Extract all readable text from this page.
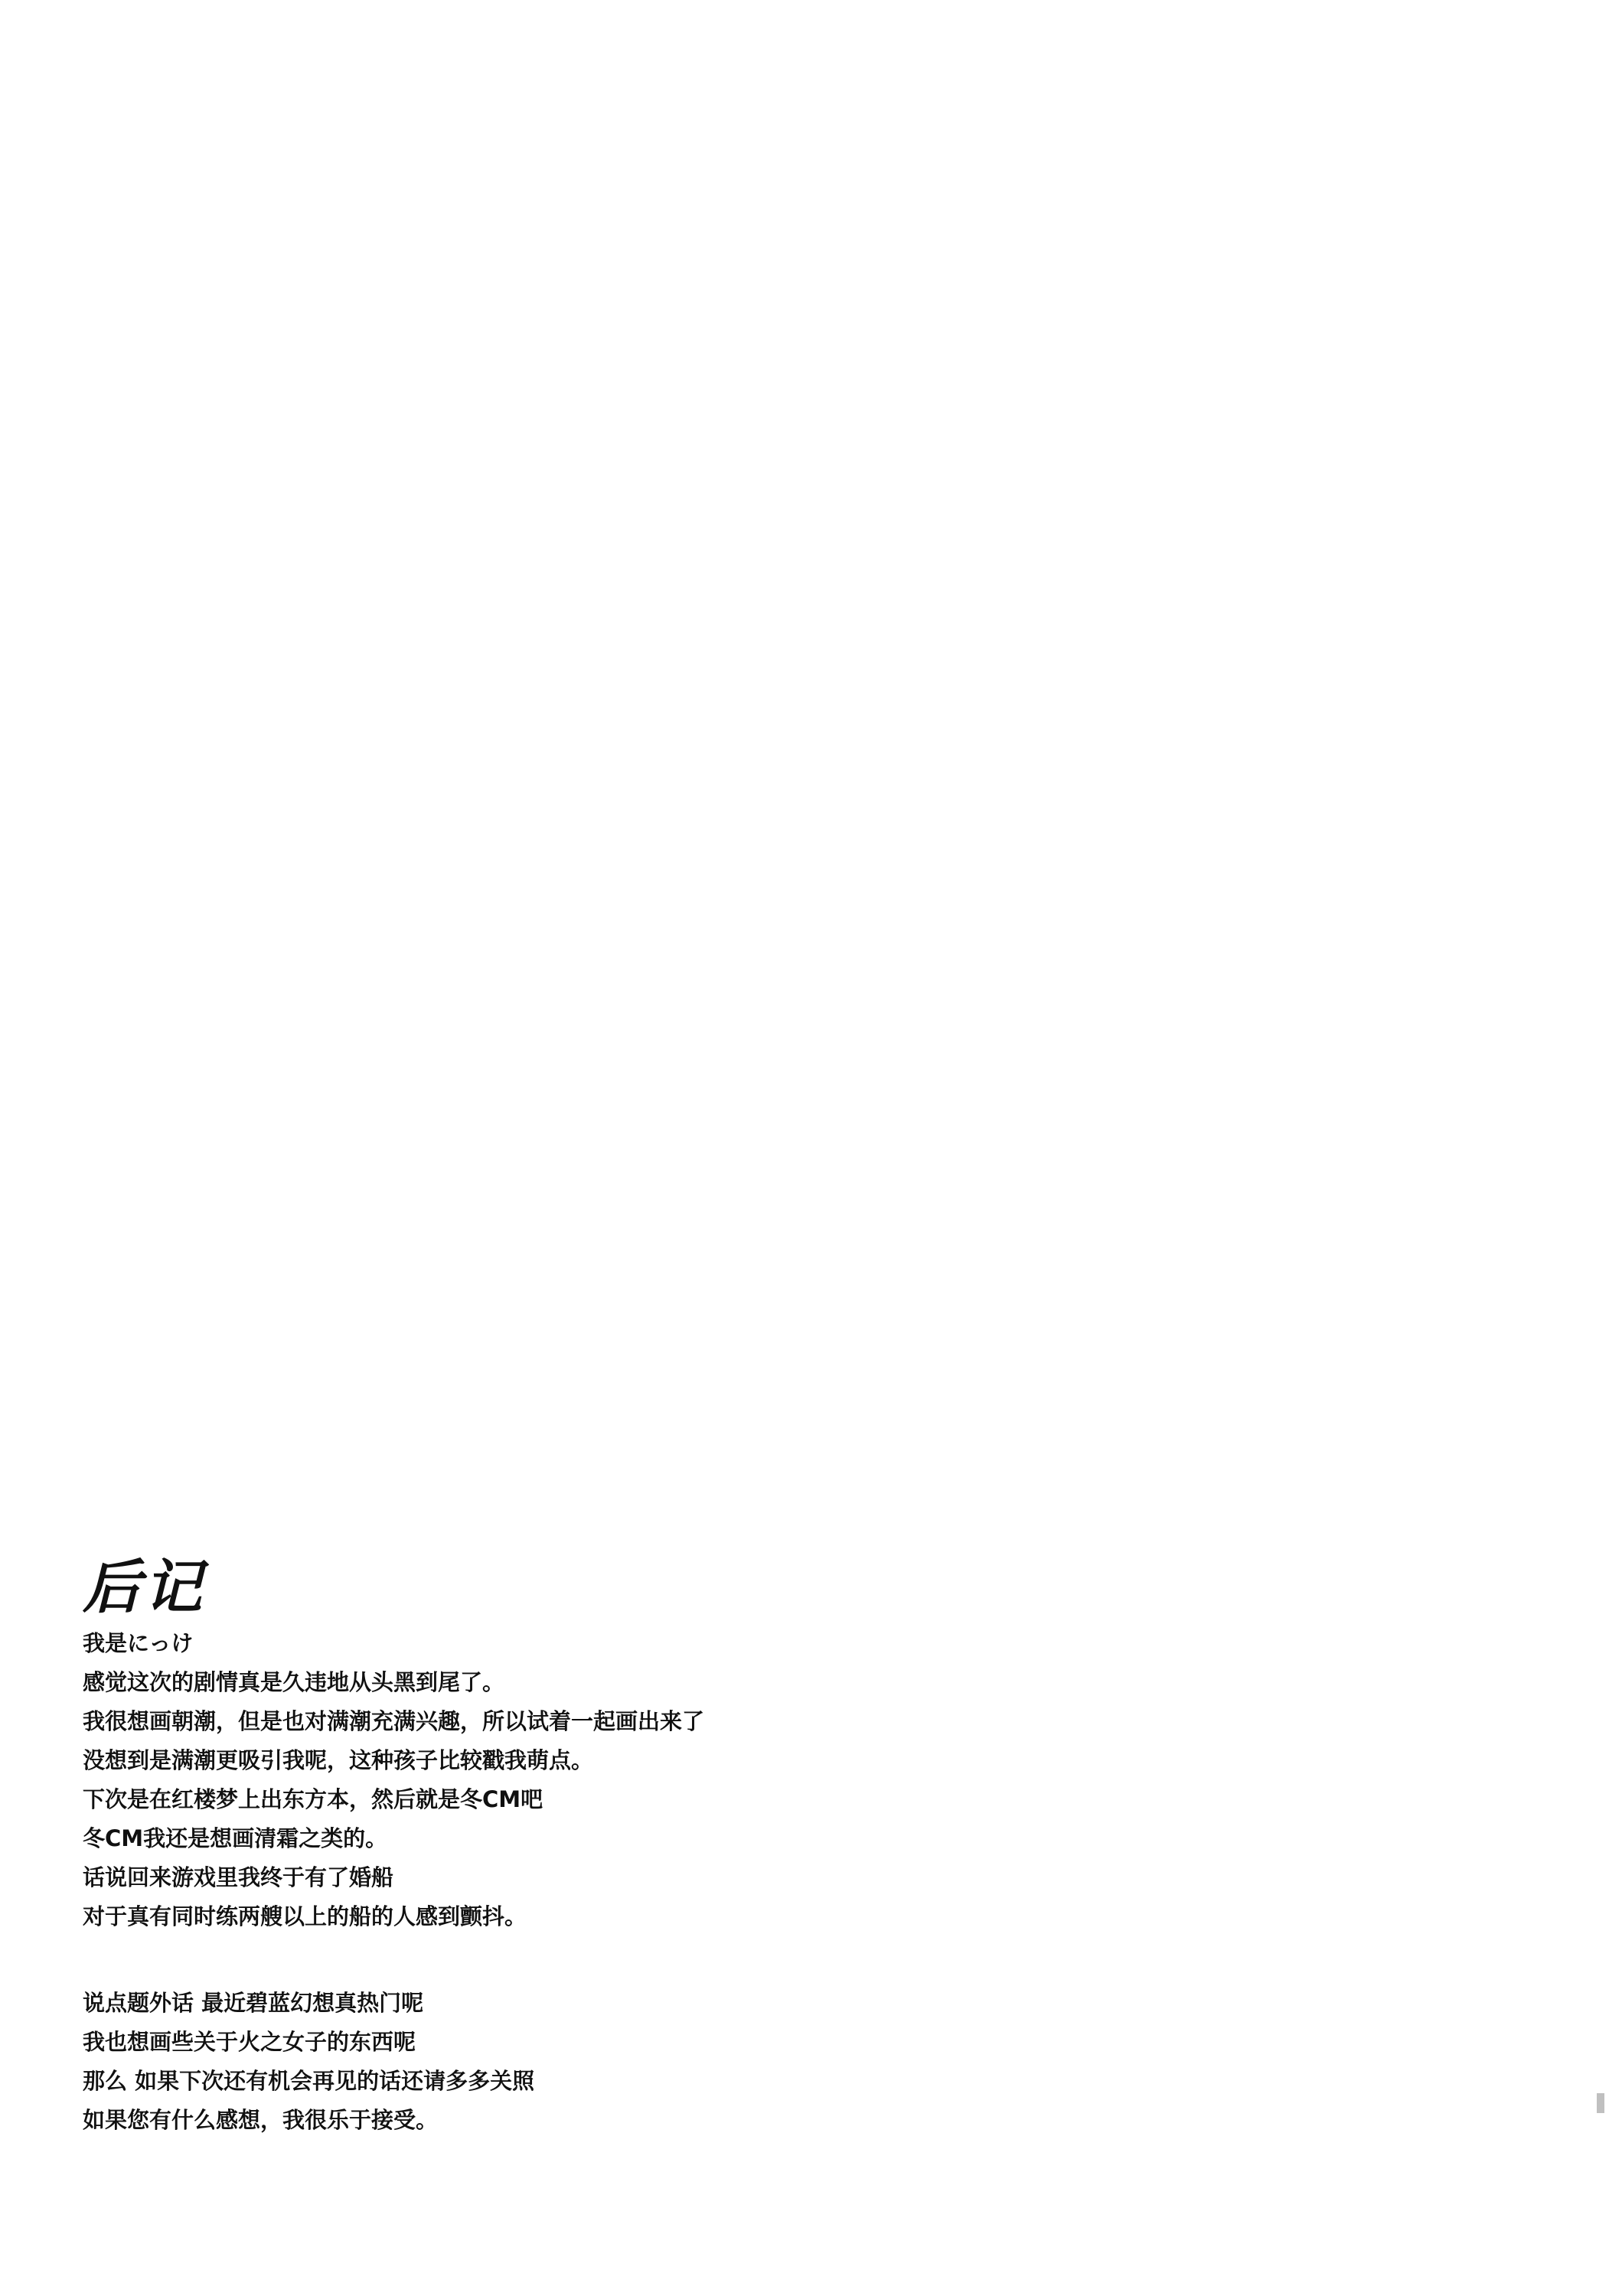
后记

我是にっけ

感觉这次的剧情真是久违地从头黑到尾了。

我很想画朝潮，但是也对满潮充满兴趣，所以试着一起画出来了

没想到是满潮更吸引我呢，这种孩子比较戳我萌点。

下次是在红楼梦上出东方本，然后就是冬CM吧

冬CM我还是想画清霜之类的。

话说回来游戏里我终于有了婚船

对于真有同时练两艘以上的船的人感到颤抖。

说点题外话 最近碧蓝幻想真热门呢

我也想画些关于火之女子的东西呢

那么 如果下次还有机会再见的话还请多多关照

如果您有什么感想，我很乐于接受。
